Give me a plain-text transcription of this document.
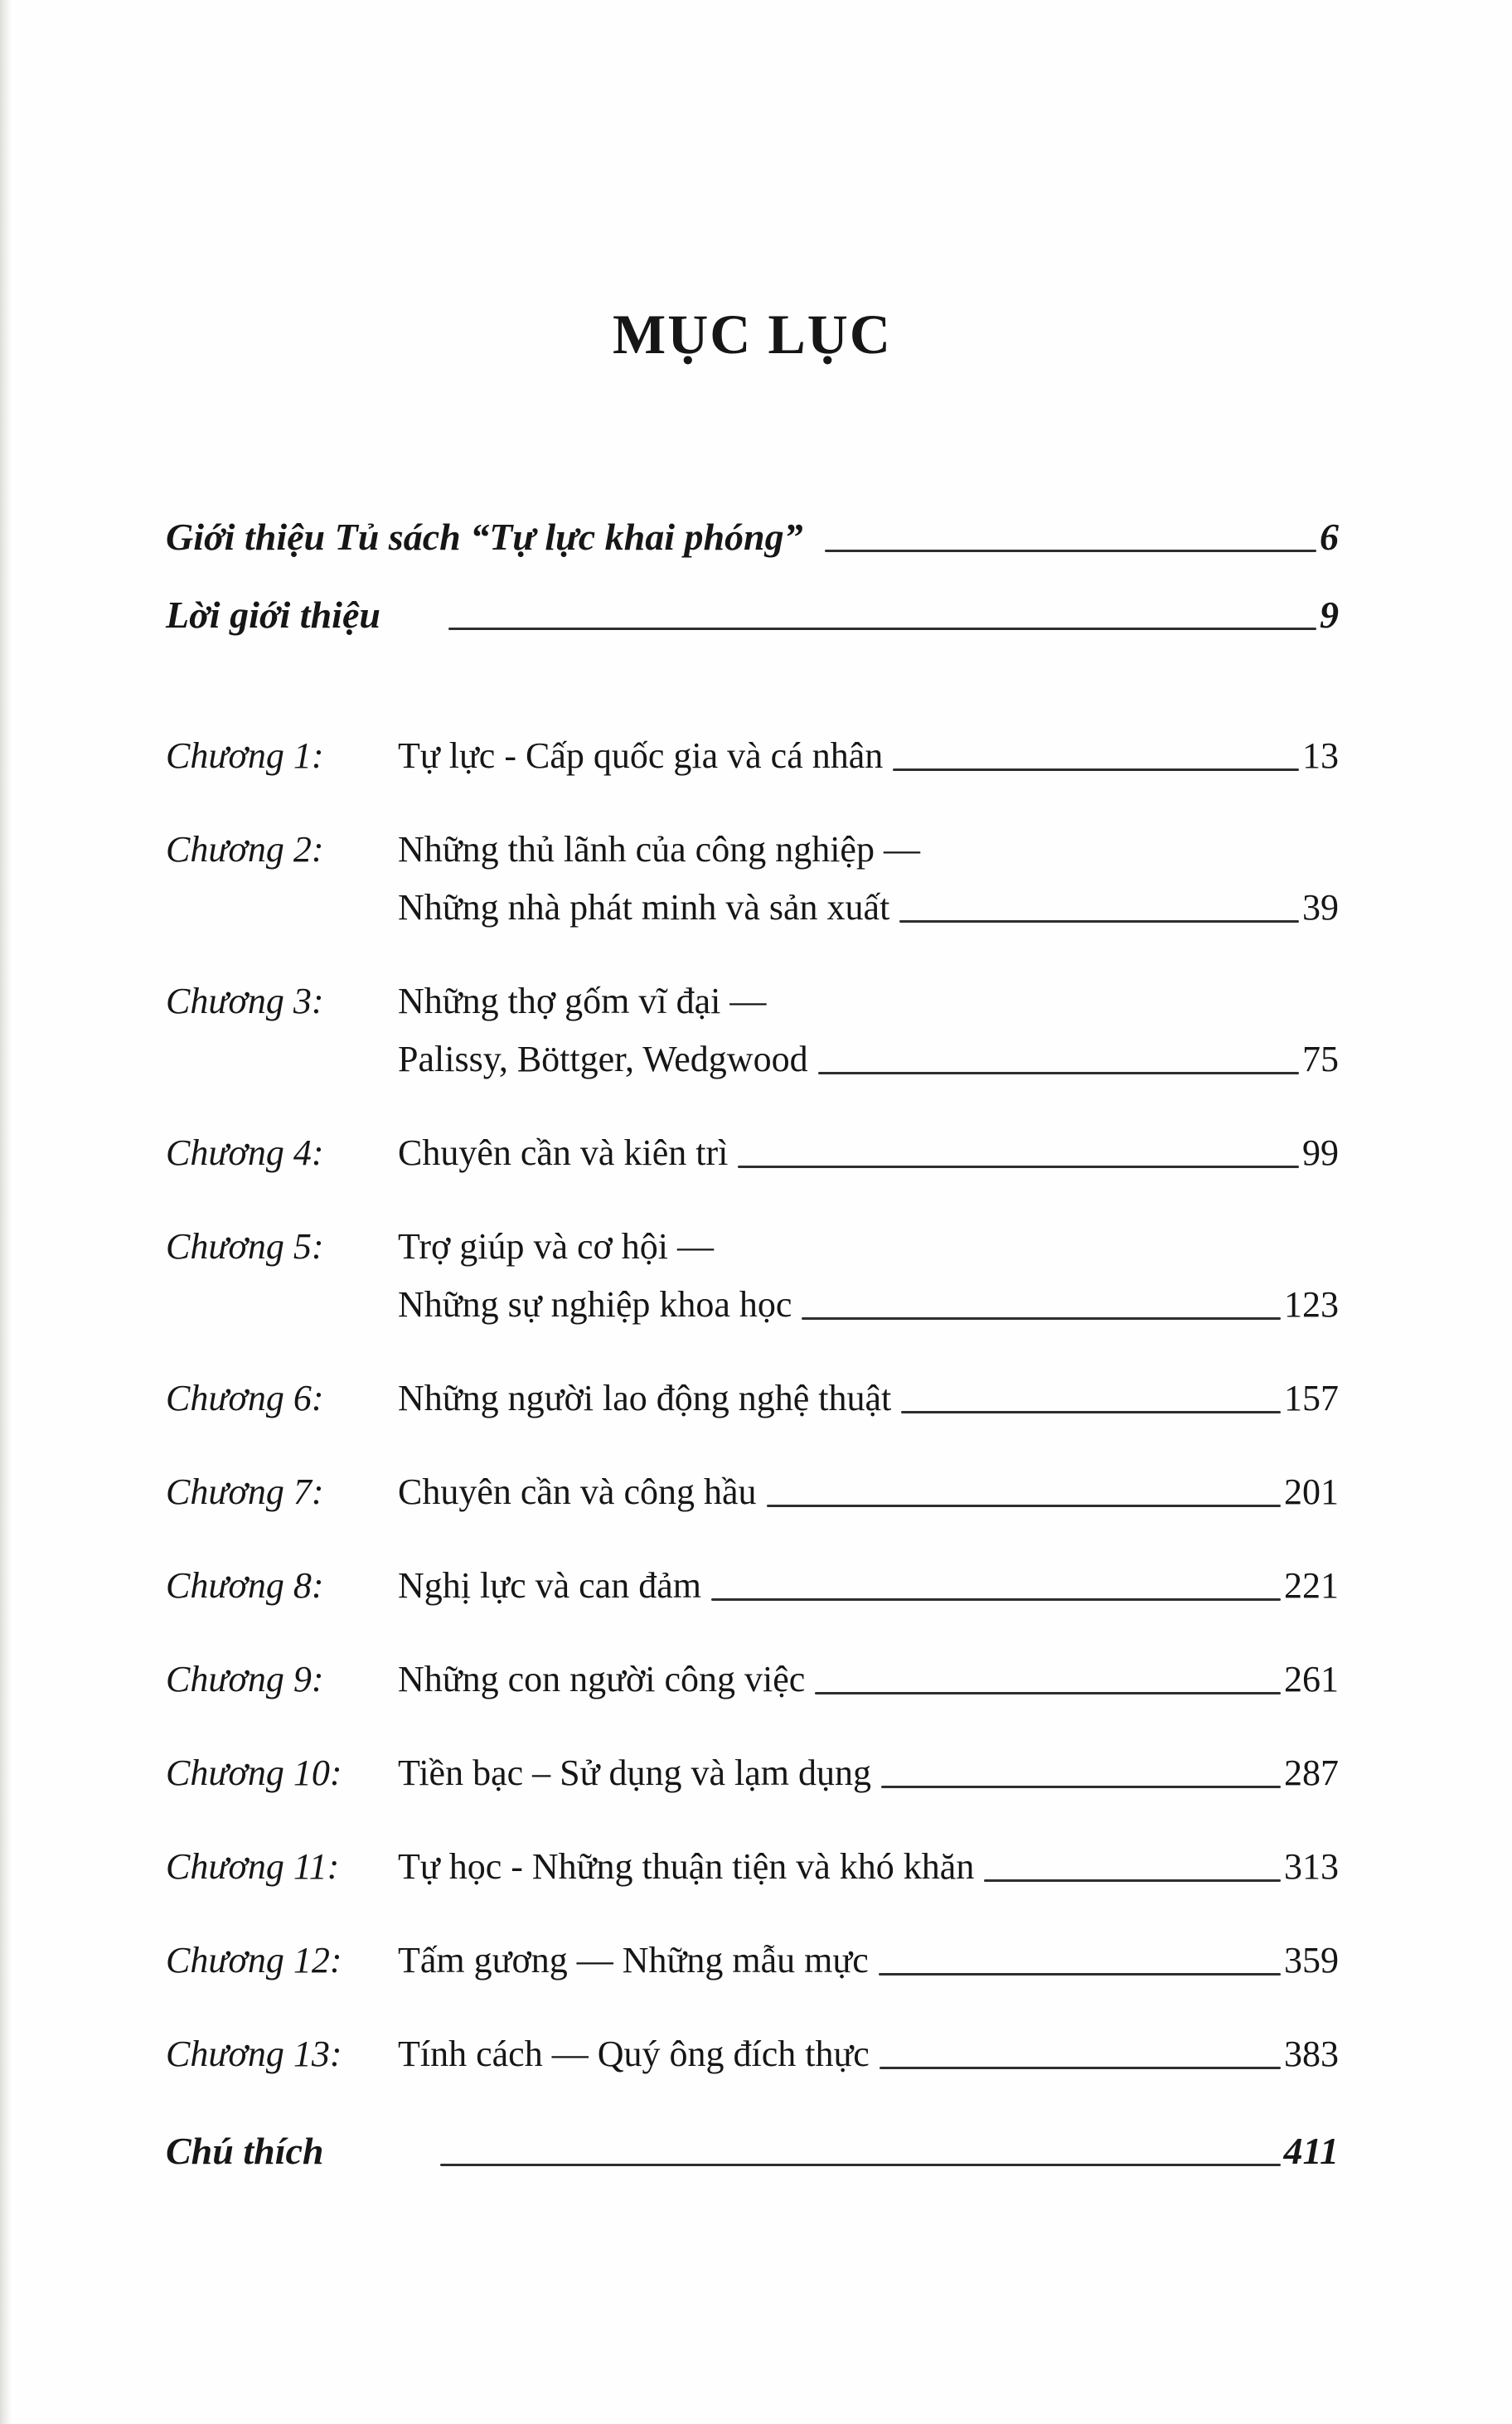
MỤC LỤC
Giới thiệu Tủ sách “Tự lực khai phóng”	6
Lời giới thiệu	9
Chương 1:	Tự lực - Cấp quốc gia và cá nhân	13
Chương 2:	Những thủ lãnh của công nghiệp —
Những nhà phát minh và sản xuất	39
Chương 3:	Những thợ gốm vĩ đại —
Palissy, Böttger, Wedgwood	75
Chương 4:	Chuyên cần và kiên trì	99
Chương 5:	Trợ giúp và cơ hội —
Những sự nghiệp khoa học	123
Chương 6:	Những người lao động nghệ thuật	157
Chương 7:	Chuyên cần và công hầu	201
Chương 8:	Nghị lực và can đảm	221
Chương 9:	Những con người công việc	261
Chương 10:	Tiền bạc – Sử dụng và lạm dụng	287
Chương 11:	Tự học - Những thuận tiện và khó khăn	313
Chương 12:	Tấm gương — Những mẫu mực	359
Chương 13:	Tính cách — Quý ông đích thực	383
Chú thích	411
